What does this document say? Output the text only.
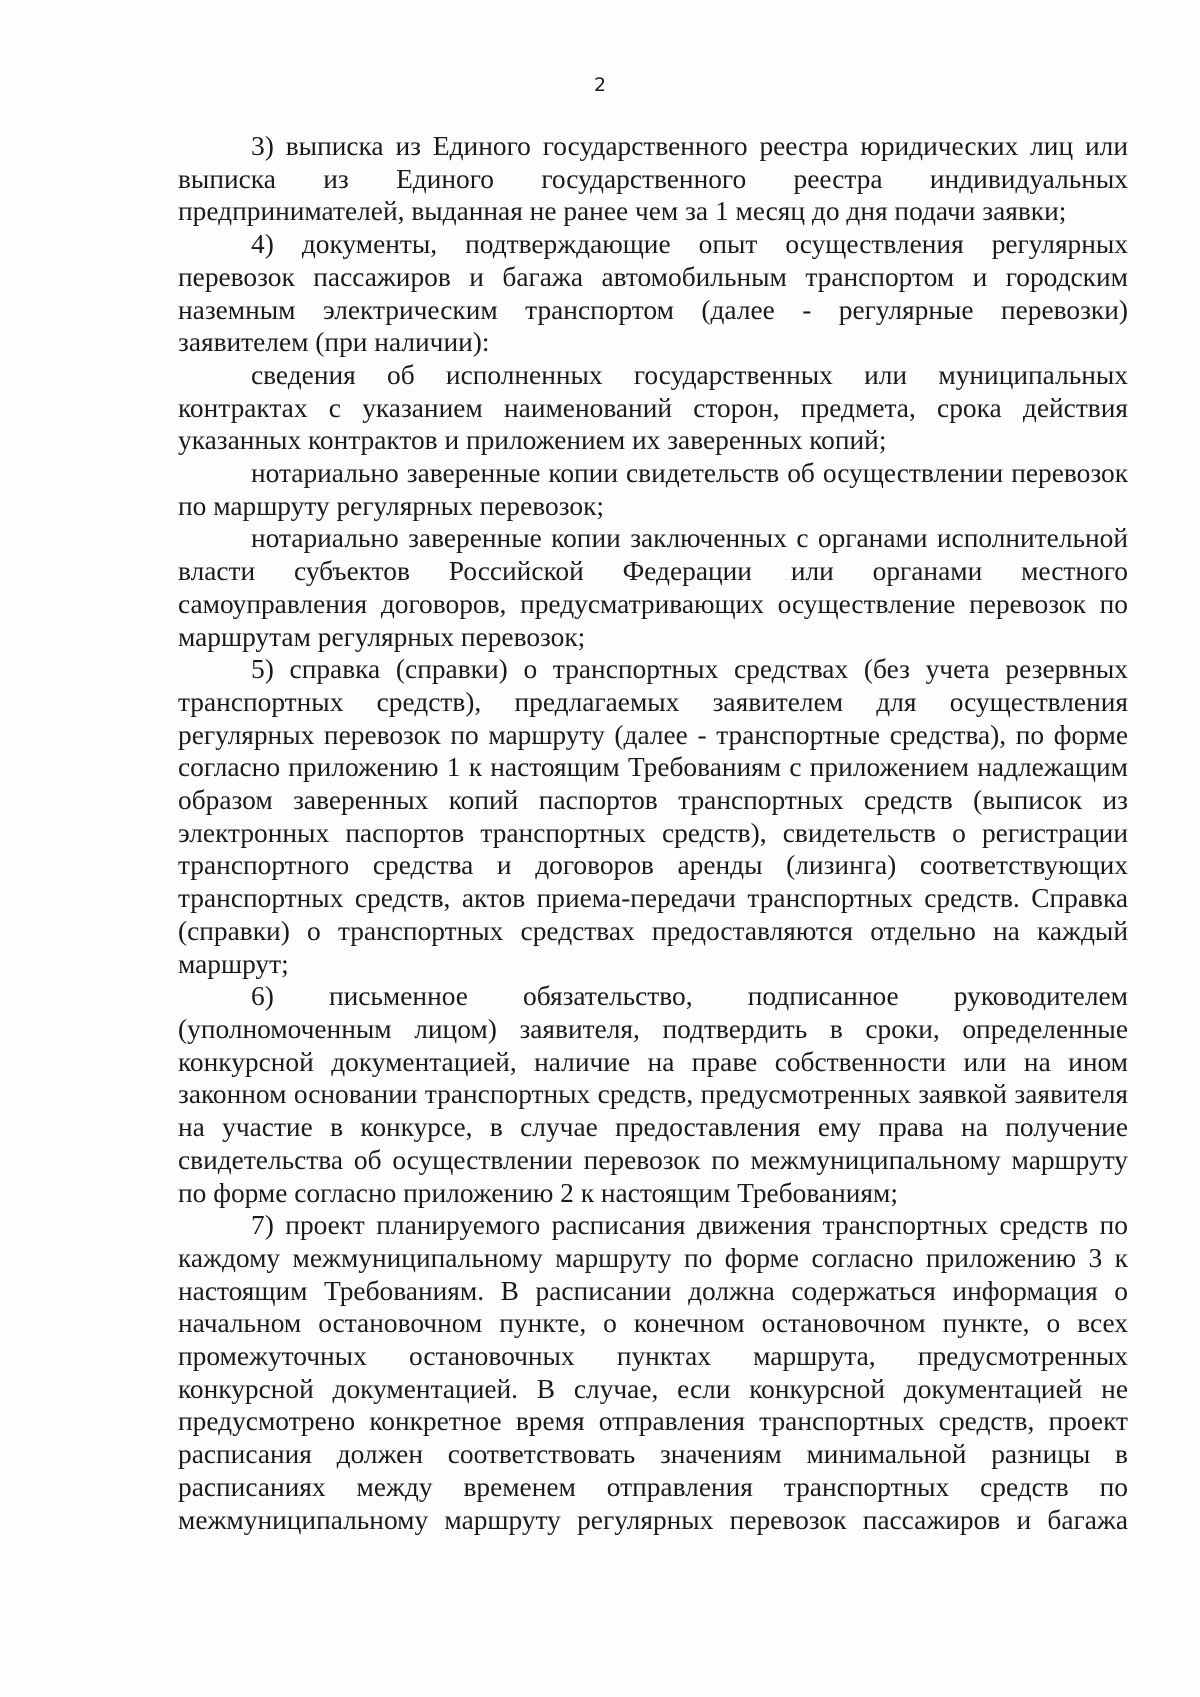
2

3) выписка из Единого государственного реестра юридических лиц или выписка из Единого государственного реестра индивидуальных предпринимателей, выданная не ранее чем за 1 месяц до дня подачи заявки;

4) документы, подтверждающие опыт осуществления регулярных перевозок пассажиров и багажа автомобильным транспортом и городским наземным электрическим транспортом (далее - регулярные перевозки) заявителем (при наличии):

сведения об исполненных государственных или муниципальных контрактах с указанием наименований сторон, предмета, срока действия указанных контрактов и приложением их заверенных копий;

нотариально заверенные копии свидетельств об осуществлении перевозок по маршруту регулярных перевозок;

нотариально заверенные копии заключенных с органами исполнительной власти субъектов Российской Федерации или органами местного самоуправления договоров, предусматривающих осуществление перевозок по маршрутам регулярных перевозок;

5) справка (справки) о транспортных средствах (без учета резервных транспортных средств), предлагаемых заявителем для осуществления регулярных перевозок по маршруту (далее - транспортные средства), по форме согласно приложению 1 к настоящим Требованиям с приложением надлежащим образом заверенных копий паспортов транспортных средств (выписок из электронных паспортов транспортных средств), свидетельств о регистрации транспортного средства и договоров аренды (лизинга) соответствующих транспортных средств, актов приема-передачи транспортных средств. Справка (справки) о транспортных средствах предоставляются отдельно на каждый маршрут;

6) письменное обязательство, подписанное руководителем (уполномоченным лицом) заявителя, подтвердить в сроки, определенные конкурсной документацией, наличие на праве собственности или на ином законном основании транспортных средств, предусмотренных заявкой заявителя на участие в конкурсе, в случае предоставления ему права на получение свидетельства об осуществлении перевозок по межмуниципальному маршруту по форме согласно приложению 2 к настоящим Требованиям;

7) проект планируемого расписания движения транспортных средств по каждому межмуниципальному маршруту по форме согласно приложению 3 к настоящим Требованиям. В расписании должна содержаться информация о начальном остановочном пункте, о конечном остановочном пункте, о всех промежуточных остановочных пунктах маршрута, предусмотренных конкурсной документацией. В случае, если конкурсной документацией не предусмотрено конкретное время отправления транспортных средств, проект расписания должен соответствовать значениям минимальной разницы в расписаниях между временем отправления транспортных средств по межмуниципальному маршруту регулярных перевозок пассажиров и багажа
